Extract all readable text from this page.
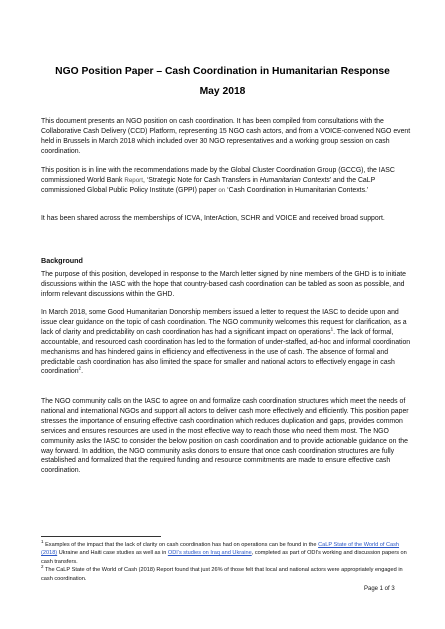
NGO Position Paper – Cash Coordination in Humanitarian Response
May 2018

This document presents an NGO position on cash coordination. It has been compiled from consultations with the Collaborative Cash Delivery (CCD) Platform, representing 15 NGO cash actors, and from a VOICE-convened NGO event held in Brussels in March 2018 which included over 30 NGO representatives and a working group session on cash coordination.

This position is in line with the recommendations made by the Global Cluster Coordination Group (GCCG), the IASC commissioned World Bank Report, ‘Strategic Note for Cash Transfers in Humanitarian Contexts’ and the CaLP commissioned Global Public Policy Institute (GPPI) paper on ‘Cash Coordination in Humanitarian Contexts.’

It has been shared across the memberships of ICVA, InterAction, SCHR and VOICE and received broad support.

Background

The purpose of this position, developed in response to the March letter signed by nine members of the GHD is to initiate discussions within the IASC with the hope that country-based cash coordination can be tabled as soon as possible, and inform relevant discussions within the GHD.

In March 2018, some Good Humanitarian Donorship members issued a letter to request the IASC to decide upon and issue clear guidance on the topic of cash coordination. The NGO community welcomes this request for clarification, as a lack of clarity and predictability on cash coordination has had a significant impact on operations$^1$. The lack of formal, accountable, and resourced cash coordination has led to the formation of under-staffed, ad-hoc and informal coordination mechanisms and has hindered gains in efficiency and effectiveness in the use of cash. The absence of formal and predictable cash coordination has also limited the space for smaller and national actors to effectively engage in cash coordination$^2$.

The NGO community calls on the IASC to agree on and formalize cash coordination structures which meet the needs of national and international NGOs and support all actors to deliver cash more effectively and efficiently. This position paper stresses the importance of ensuring effective cash coordination which reduces duplication and gaps, provides common services and ensures resources are used in the most effective way to reach those who need them most. The NGO community asks the IASC to consider the below position on cash coordination and to provide actionable guidance on the way forward. In addition, the NGO community asks donors to ensure that once cash coordination structures are fully established and formalized that the required funding and resource commitments are made to ensure effective cash coordination.

$^1$ Examples of the impact that the lack of clarity on cash coordination has had on operations can be found in the CaLP State of the World of Cash (2018) Ukraine and Haiti case studies as well as in ODI’s studies on Iraq and Ukraine, completed as part of ODI’s working and discussion papers on cash transfers.
$^2$ The CaLP State of the World of Cash (2018) Report found that just 26% of those felt that local and national actors were appropriately engaged in cash coordination.
Page 1 of 3
